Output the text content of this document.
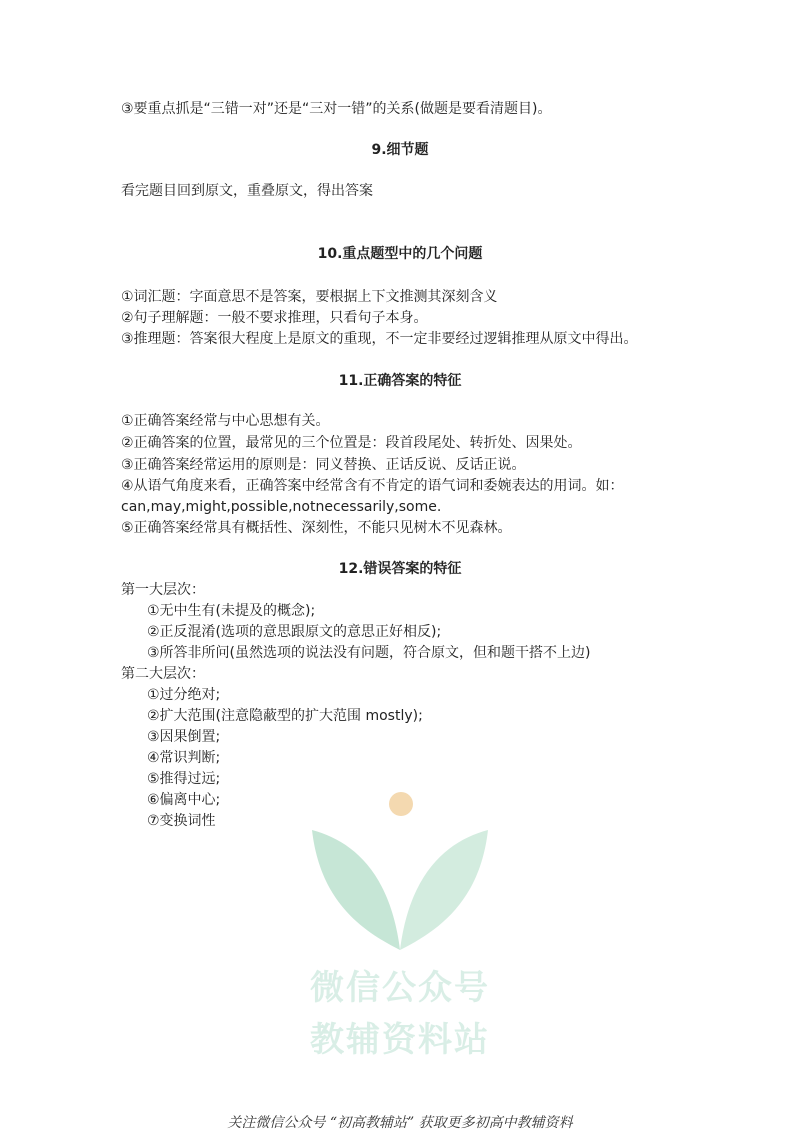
③要重点抓是“三错一对”还是“三对一错”的关系(做题是要看清题目)。
9.细节题
看完题目回到原文，重叠原文，得出答案
10.重点题型中的几个问题
①词汇题：字面意思不是答案，要根据上下文推测其深刻含义
②句子理解题：一般不要求推理，只看句子本身。
③推理题：答案很大程度上是原文的重现，不一定非要经过逻辑推理从原文中得出。
11.正确答案的特征
①正确答案经常与中心思想有关。
②正确答案的位置，最常见的三个位置是：段首段尾处、转折处、因果处。
③正确答案经常运用的原则是：同义替换、正话反说、反话正说。
④从语气角度来看，正确答案中经常含有不肯定的语气词和委婉表达的用词。如：
can,may,might,possible,notnecessarily,some.
⑤正确答案经常具有概括性、深刻性，不能只见树木不见森林。
12.错误答案的特征
第一大层次：
①无中生有(未提及的概念);
②正反混淆(选项的意思跟原文的意思正好相反);
③所答非所问(虽然选项的说法没有问题，符合原文，但和题干搭不上边)
第二大层次：
①过分绝对;
②扩大范围(注意隐蔽型的扩大范围 mostly);
③因果倒置;
④常识判断;
⑤推得过远;
⑥偏离中心;
⑦变换词性
微信公众号
教辅资料站
关注微信公众号 “初高教辅站” 获取更多初高中教辅资料
